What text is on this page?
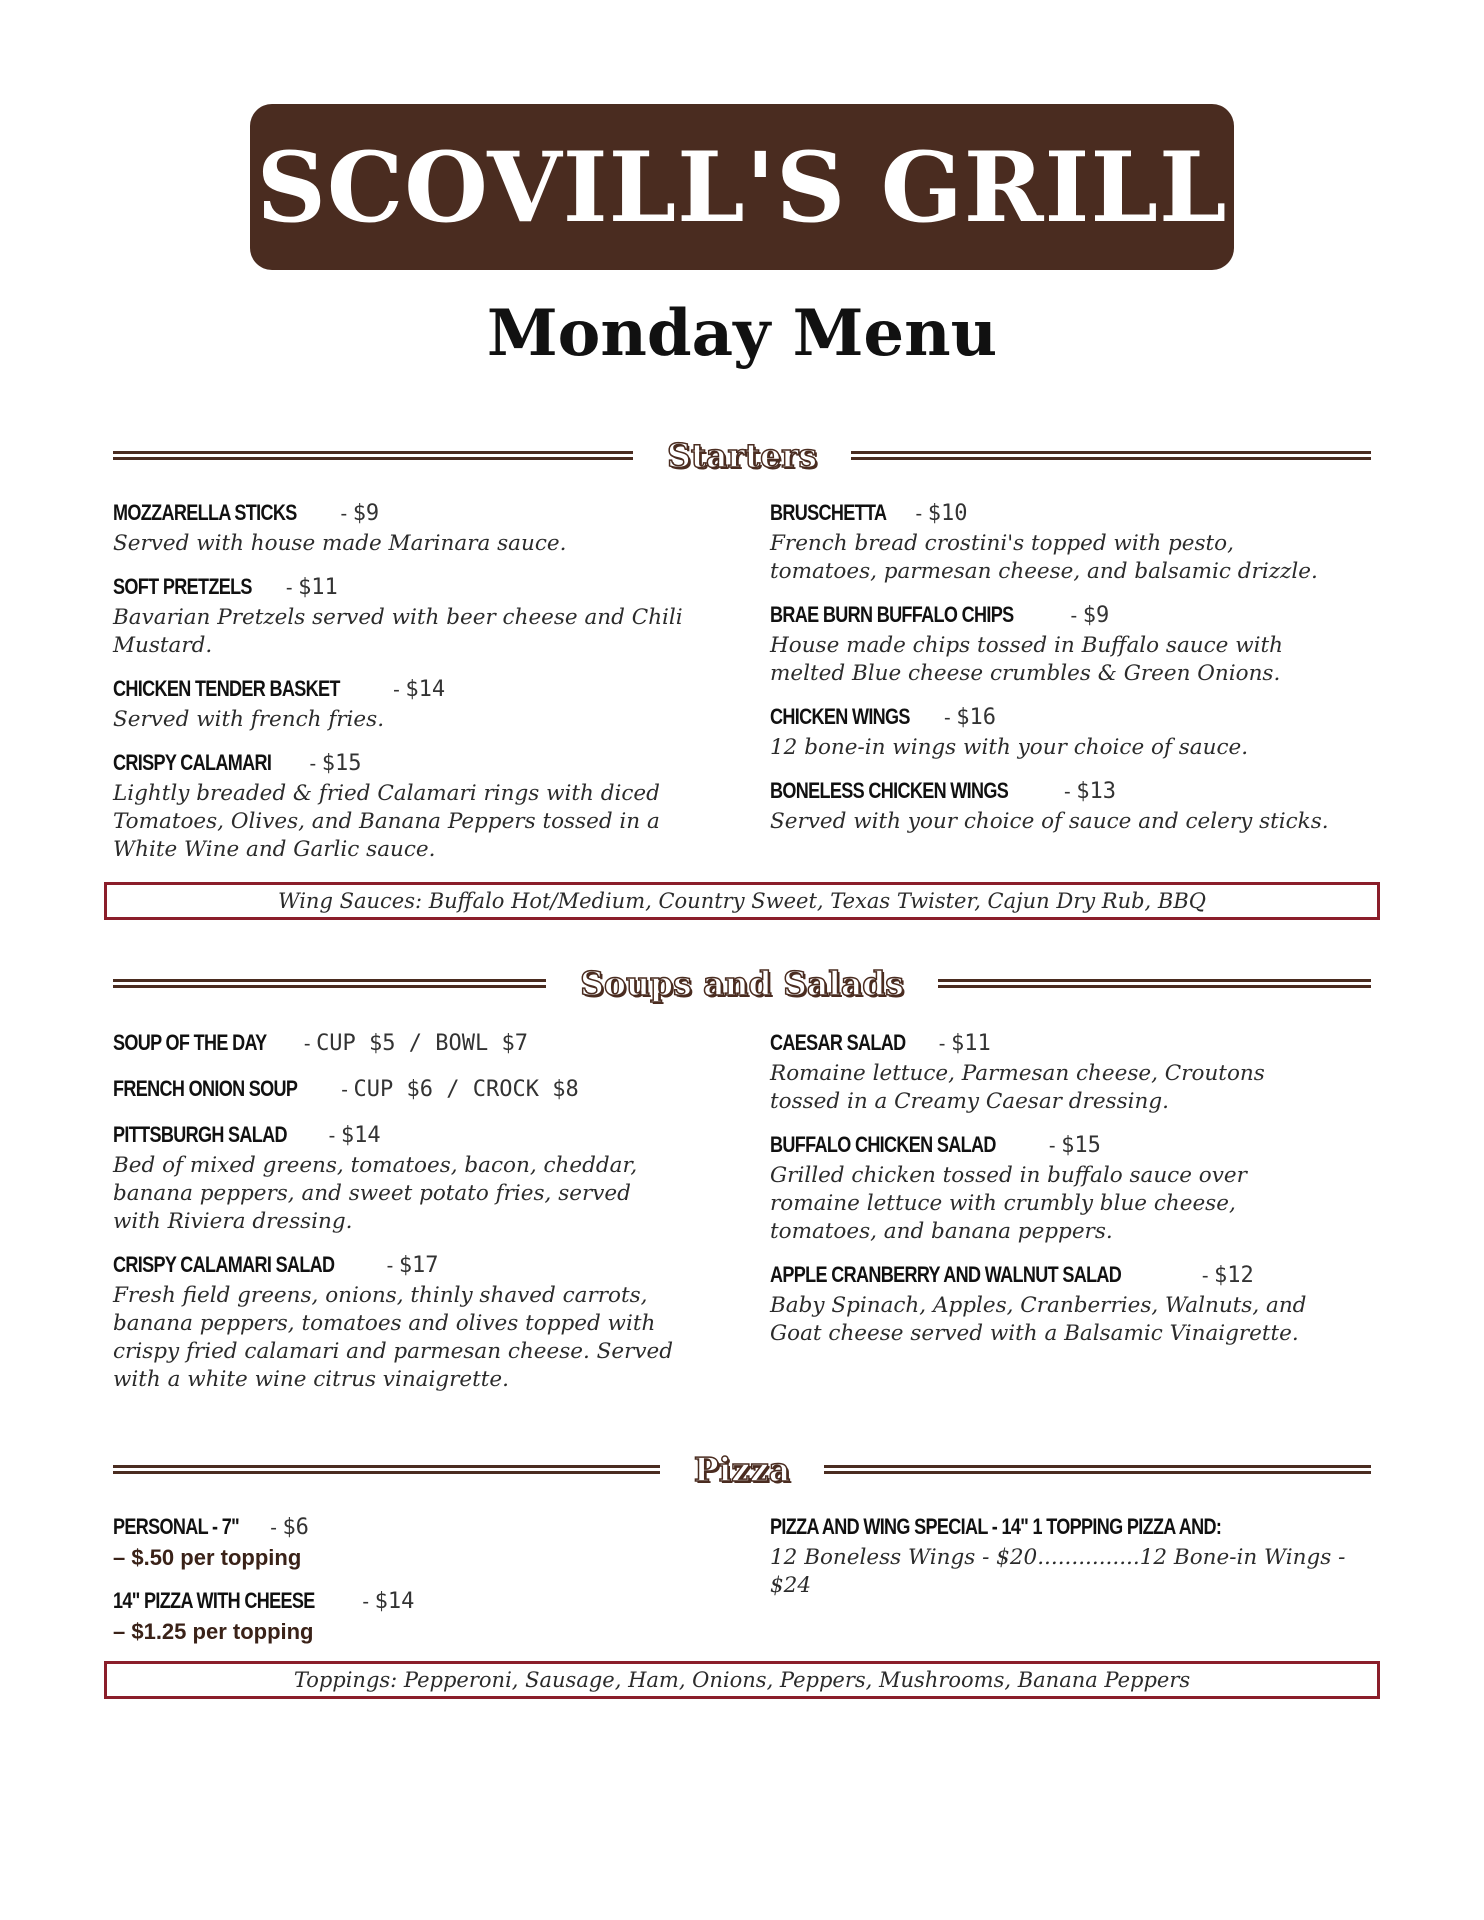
SCOVILL'S GRILL
Monday Menu
Starters
MOZZARELLA STICKS - $9
Served with house made Marinara sauce.
SOFT PRETZELS - $11
Bavarian Pretzels served with beer cheese and Chili Mustard.
CHICKEN TENDER BASKET - $14
Served with french fries.
CRISPY CALAMARI - $15
Lightly breaded & fried Calamari rings with diced Tomatoes, Olives, and Banana Peppers tossed in a White Wine and Garlic sauce.
BRUSCHETTA - $10
French bread crostini's topped with pesto, tomatoes, parmesan cheese, and balsamic drizzle.
BRAE BURN BUFFALO CHIPS	- $9
House made chips tossed in Buffalo sauce with melted Blue cheese crumbles & Green Onions.
CHICKEN WINGS - $16
12 bone-in wings with your choice of sauce.
BONELESS CHICKEN WINGS	- $13
Served with your choice of sauce and celery sticks.
Wing Sauces: Buffalo Hot/Medium, Country Sweet, Texas Twister, Cajun Dry Rub, BBQ
Soups and Salads
SOUP OF THE DAY - CUP $5 / BOWL $7
FRENCH ONION SOUP - CUP $6 / CROCK $8
PITTSBURGH SALAD - $14
Bed of mixed greens, tomatoes, bacon, cheddar, banana peppers, and sweet potato fries, served with Riviera dressing.
CRISPY CALAMARI SALAD - $17
Fresh field greens, onions, thinly shaved carrots, banana peppers, tomatoes and olives topped with crispy fried calamari and parmesan cheese. Served with a white wine citrus vinaigrette.
CAESAR SALAD - $11
Romaine lettuce, Parmesan cheese, Croutons tossed in a Creamy Caesar dressing.
BUFFALO CHICKEN SALAD - $15
Grilled chicken tossed in buffalo sauce over romaine lettuce with crumbly blue cheese, tomatoes, and banana peppers.
APPLE CRANBERRY AND WALNUT SALAD	- $12
Baby Spinach, Apples, Cranberries, Walnuts, and Goat cheese served with a Balsamic Vinaigrette.
Pizza
PERSONAL - 7" - $6
– $.50 per topping
14" PIZZA WITH CHEESE - $14
– $1.25 per topping
PIZZA AND WING SPECIAL - 14" 1 TOPPING PIZZA AND:
12 Boneless Wings - $20...............12 Bone-in Wings - $24
Toppings: Pepperoni, Sausage, Ham, Onions, Peppers, Mushrooms, Banana Peppers
